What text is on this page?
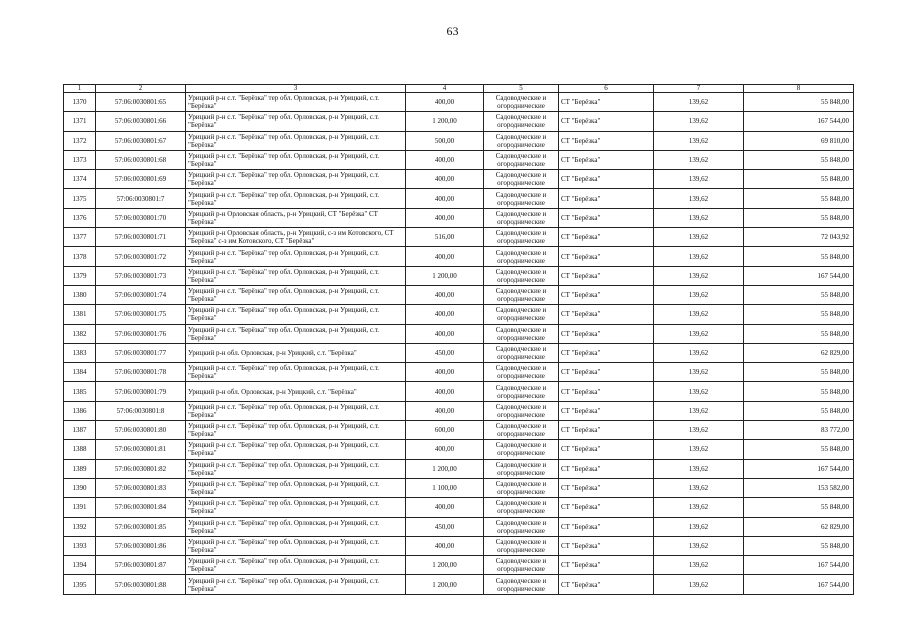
63
1	2	3	4	5	6	7	8
1370	57:06:0030801:65	Урицкий р-н с.т. "Берёзка" тер обл. Орловская, р-н Урицкий, с.т. "Берёзка"	400,00	Садоводческие и огороднические	СТ "Берёзка"	139,62	55 848,00
1371	57:06:0030801:66	Урицкий р-н с.т. "Берёзка" тер обл. Орловская, р-н Урицкий, с.т. "Берёзка"	1 200,00	Садоводческие и огороднические	СТ "Берёзка"	139,62	167 544,00
1372	57:06:0030801:67	Урицкий р-н с.т. "Берёзка" тер обл. Орловская, р-н Урицкий, с.т. "Берёзка"	500,00	Садоводческие и огороднические	СТ "Берёзка"	139,62	69 810,00
1373	57:06:0030801:68	Урицкий р-н с.т. "Берёзка" тер обл. Орловская, р-н Урицкий, с.т. "Берёзка"	400,00	Садоводческие и огороднические	СТ "Берёзка"	139,62	55 848,00
1374	57:06:0030801:69	Урицкий р-н с.т. "Берёзка" тер обл. Орловская, р-н Урицкий, с.т. "Берёзка"	400,00	Садоводческие и огороднические	СТ "Берёзка"	139,62	55 848,00
1375	57:06:0030801:7	Урицкий р-н с.т. "Берёзка" тер обл. Орловская, р-н Урицкий, с.т. "Берёзка"	400,00	Садоводческие и огороднические	СТ "Берёзка"	139,62	55 848,00
1376	57:06:0030801:70	Урицкий р-н Орловская область, р-н Урицкий, СТ "Берёзка" СТ "Берёзка"	400,00	Садоводческие и огороднические	СТ "Берёзка"	139,62	55 848,00
1377	57:06:0030801:71	Урицкий р-н Орловская область, р-н Урицкий, с-з им Котовского, СТ "Берёзка" с-з им Котовского, СТ "Берёзка"	516,00	Садоводческие и огороднические	СТ "Берёзка"	139,62	72 043,92
1378	57:06:0030801:72	Урицкий р-н с.т. "Берёзка" тер обл. Орловская, р-н Урицкий, с.т. "Берёзка"	400,00	Садоводческие и огороднические	СТ "Берёзка"	139,62	55 848,00
1379	57:06:0030801:73	Урицкий р-н с.т. "Берёзка" тер обл. Орловская, р-н Урицкий, с.т. "Берёзка"	1 200,00	Садоводческие и огороднические	СТ "Берёзка"	139,62	167 544,00
1380	57:06:0030801:74	Урицкий р-н с.т. "Берёзка" тер обл. Орловская, р-н Урицкий, с.т. "Берёзка"	400,00	Садоводческие и огороднические	СТ "Берёзка"	139,62	55 848,00
1381	57:06:0030801:75	Урицкий р-н с.т. "Берёзка" тер обл. Орловская, р-н Урицкий, с.т. "Берёзка"	400,00	Садоводческие и огороднические	СТ "Берёзка"	139,62	55 848,00
1382	57:06:0030801:76	Урицкий р-н с.т. "Берёзка" тер обл. Орловская, р-н Урицкий, с.т. "Берёзка"	400,00	Садоводческие и огороднические	СТ "Берёзка"	139,62	55 848,00
1383	57:06:0030801:77	Урицкий р-н обл. Орловская, р-н Урицкий, с.т. "Берёзка"	450,00	Садоводческие и огороднические	СТ "Берёзка"	139,62	62 829,00
1384	57:06:0030801:78	Урицкий р-н с.т. "Берёзка" тер обл. Орловская, р-н Урицкий, с.т. "Берёзка"	400,00	Садоводческие и огороднические	СТ "Берёзка"	139,62	55 848,00
1385	57:06:0030801:79	Урицкий р-н обл. Орловская, р-н Урицкий, с.т. "Берёзка"	400,00	Садоводческие и огороднические	СТ "Берёзка"	139,62	55 848,00
1386	57:06:0030801:8	Урицкий р-н с.т. "Берёзка" тер обл. Орловская, р-н Урицкий, с.т. "Берёзка"	400,00	Садоводческие и огороднические	СТ "Берёзка"	139,62	55 848,00
1387	57:06:0030801:80	Урицкий р-н с.т. "Берёзка" тер обл. Орловская, р-н Урицкий, с.т. "Берёзка"	600,00	Садоводческие и огороднические	СТ "Берёзка"	139,62	83 772,00
1388	57:06:0030801:81	Урицкий р-н с.т. "Берёзка" тер обл. Орловская, р-н Урицкий, с.т. "Берёзка"	400,00	Садоводческие и огороднические	СТ "Берёзка"	139,62	55 848,00
1389	57:06:0030801:82	Урицкий р-н с.т. "Берёзка" тер обл. Орловская, р-н Урицкий, с.т. "Берёзка"	1 200,00	Садоводческие и огороднические	СТ "Берёзка"	139,62	167 544,00
1390	57:06:0030801:83	Урицкий р-н с.т. "Берёзка" тер обл. Орловская, р-н Урицкий, с.т. "Берёзка"	1 100,00	Садоводческие и огороднические	СТ "Берёзка"	139,62	153 582,00
1391	57:06:0030801:84	Урицкий р-н с.т. "Берёзка" тер обл. Орловская, р-н Урицкий, с.т. "Берёзка"	400,00	Садоводческие и огороднические	СТ "Берёзка"	139,62	55 848,00
1392	57:06:0030801:85	Урицкий р-н с.т. "Берёзка" тер обл. Орловская, р-н Урицкий, с.т. "Берёзка"	450,00	Садоводческие и огороднические	СТ "Берёзка"	139,62	62 829,00
1393	57:06:0030801:86	Урицкий р-н с.т. "Берёзка" тер обл. Орловская, р-н Урицкий, с.т. "Берёзка"	400,00	Садоводческие и огороднические	СТ "Берёзка"	139,62	55 848,00
1394	57:06:0030801:87	Урицкий р-н с.т. "Берёзка" тер обл. Орловская, р-н Урицкий, с.т. "Берёзка"	1 200,00	Садоводческие и огороднические	СТ "Берёзка"	139,62	167 544,00
1395	57:06:0030801:88	Урицкий р-н с.т. "Берёзка" тер обл. Орловская, р-н Урицкий, с.т. "Берёзка"	1 200,00	Садоводческие и огороднические	СТ "Берёзка"	139,62	167 544,00
